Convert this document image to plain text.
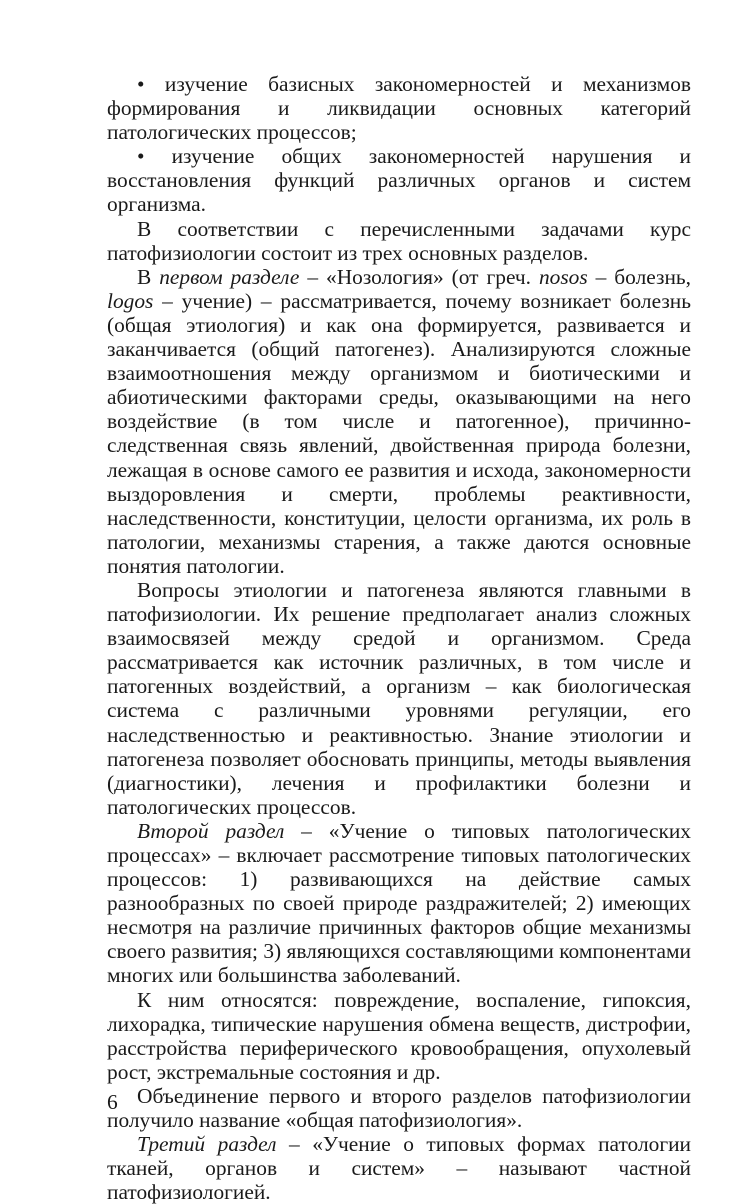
• изучение базисных закономерностей и механизмов формирования и ликвидации основных категорий патологических процессов;

• изучение общих закономерностей нарушения и восстановления функций различных органов и систем организма.

В соответствии с перечисленными задачами курс патофизиологии состоит из трех основных разделов.

В первом разделе – «Нозология» (от греч. nosos – болезнь, logos – учение) – рассматривается, почему возникает болезнь (общая этиология) и как она формируется, развивается и заканчивается (общий патогенез). Анализируются сложные взаимоотношения между организмом и биотическими и абиотическими факторами среды, оказывающими на него воздействие (в том числе и патогенное), причинно-следственная связь явлений, двойственная природа болезни, лежащая в основе самого ее развития и исхода, закономерности выздоровления и смерти, проблемы реактивности, наследственности, конституции, целости организма, их роль в патологии, механизмы старения, а также даются основные понятия патологии.

Вопросы этиологии и патогенеза являются главными в патофизиологии. Их решение предполагает анализ сложных взаимосвязей между средой и организмом. Среда рассматривается как источник различных, в том числе и патогенных воздействий, а организм – как биологическая система с различными уровнями регуляции, его наследственностью и реактивностью. Знание этиологии и патогенеза позволяет обосновать принципы, методы выявления (диагностики), лечения и профилактики болезни и патологических процессов.

Второй раздел – «Учение о типовых патологических процессах» – включает рассмотрение типовых патологических процессов: 1) развивающихся на действие самых разнообразных по своей природе раздражителей; 2) имеющих несмотря на различие причинных факторов общие механизмы своего развития; 3) являющихся составляющими компонентами многих или большинства заболеваний.

К ним относятся: повреждение, воспаление, гипоксия, лихорадка, типические нарушения обмена веществ, дистрофии, расстройства периферического кровообращения, опухолевый рост, экстремальные состояния и др.

Объединение первого и второго разделов патофизиологии получило название «общая патофизиология».

Третий раздел – «Учение о типовых формах патологии тканей, органов и систем» – называют частной патофизиологией.

6
